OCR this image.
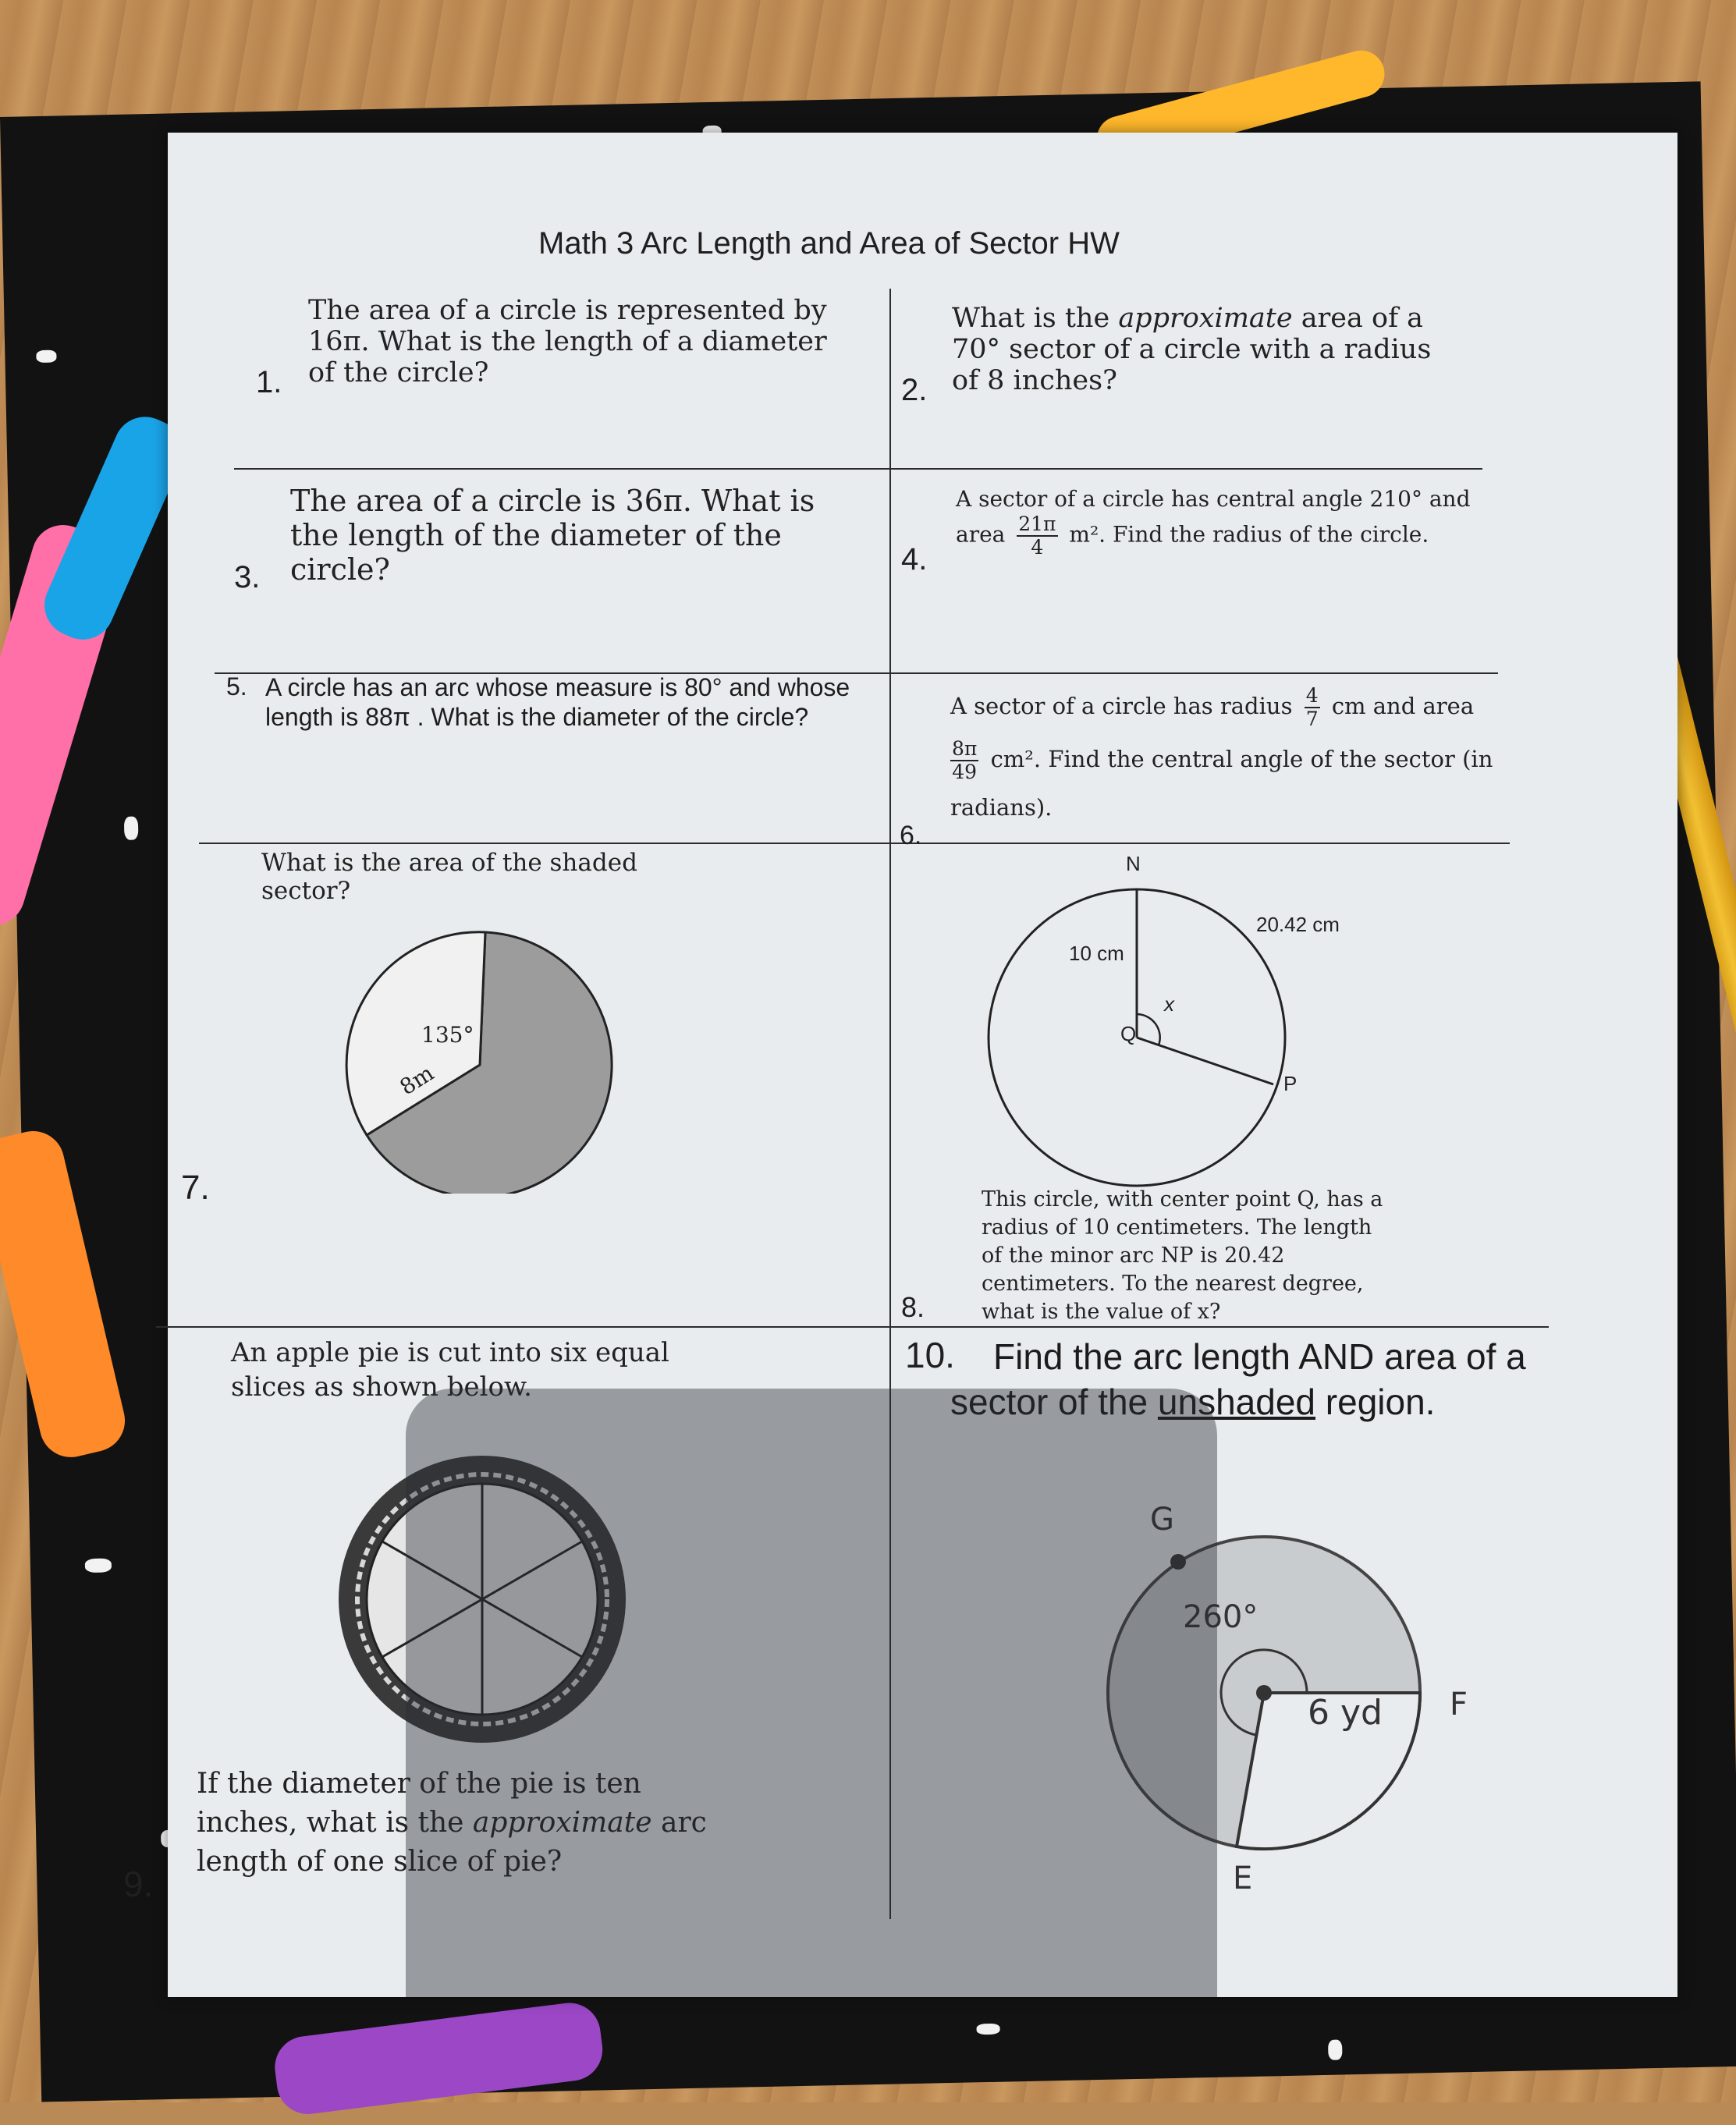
Math 3 Arc Length and Area of Sector HW
The area of a circle is represented by 16π. What is the length of a diameter of the circle?
1.
What is the approximate area of a 70° sector of a circle with a radius of 8 inches?
2.
The area of a circle is 36π. What is the length of the diameter of the circle?
3.
A sector of a circle has central angle 210° and
area $\frac{21\pi}{4} m^2$. Find the radius of the circle.
4.
5. A circle has an arc whose measure is 80° and whose length is 88π . What is the diameter of the circle?	A sector of a circle has radius $\frac{4}{7}$ cm and area
$\frac{8\pi}{49} cm^2$. Find the central angle of the sector (in
radians).
6.
What is the area of the shaded sector?
7.
135°
8m
N
20.42 cm
10 cm
x
Q
P
This circle, with center point Q, has a radius of 10 centimeters. The length of the minor arc NP is 20.42 centimeters. To the nearest degree, what is the value of x?
8.
An apple pie is cut into six equal slices as shown below.
If the diameter of the pie is ten inches, what is the approximate arc length of one slice of pie?
9.
10.	Find the arc length AND area of a sector of the unshaded region.
G
260°
6 yd F
E
